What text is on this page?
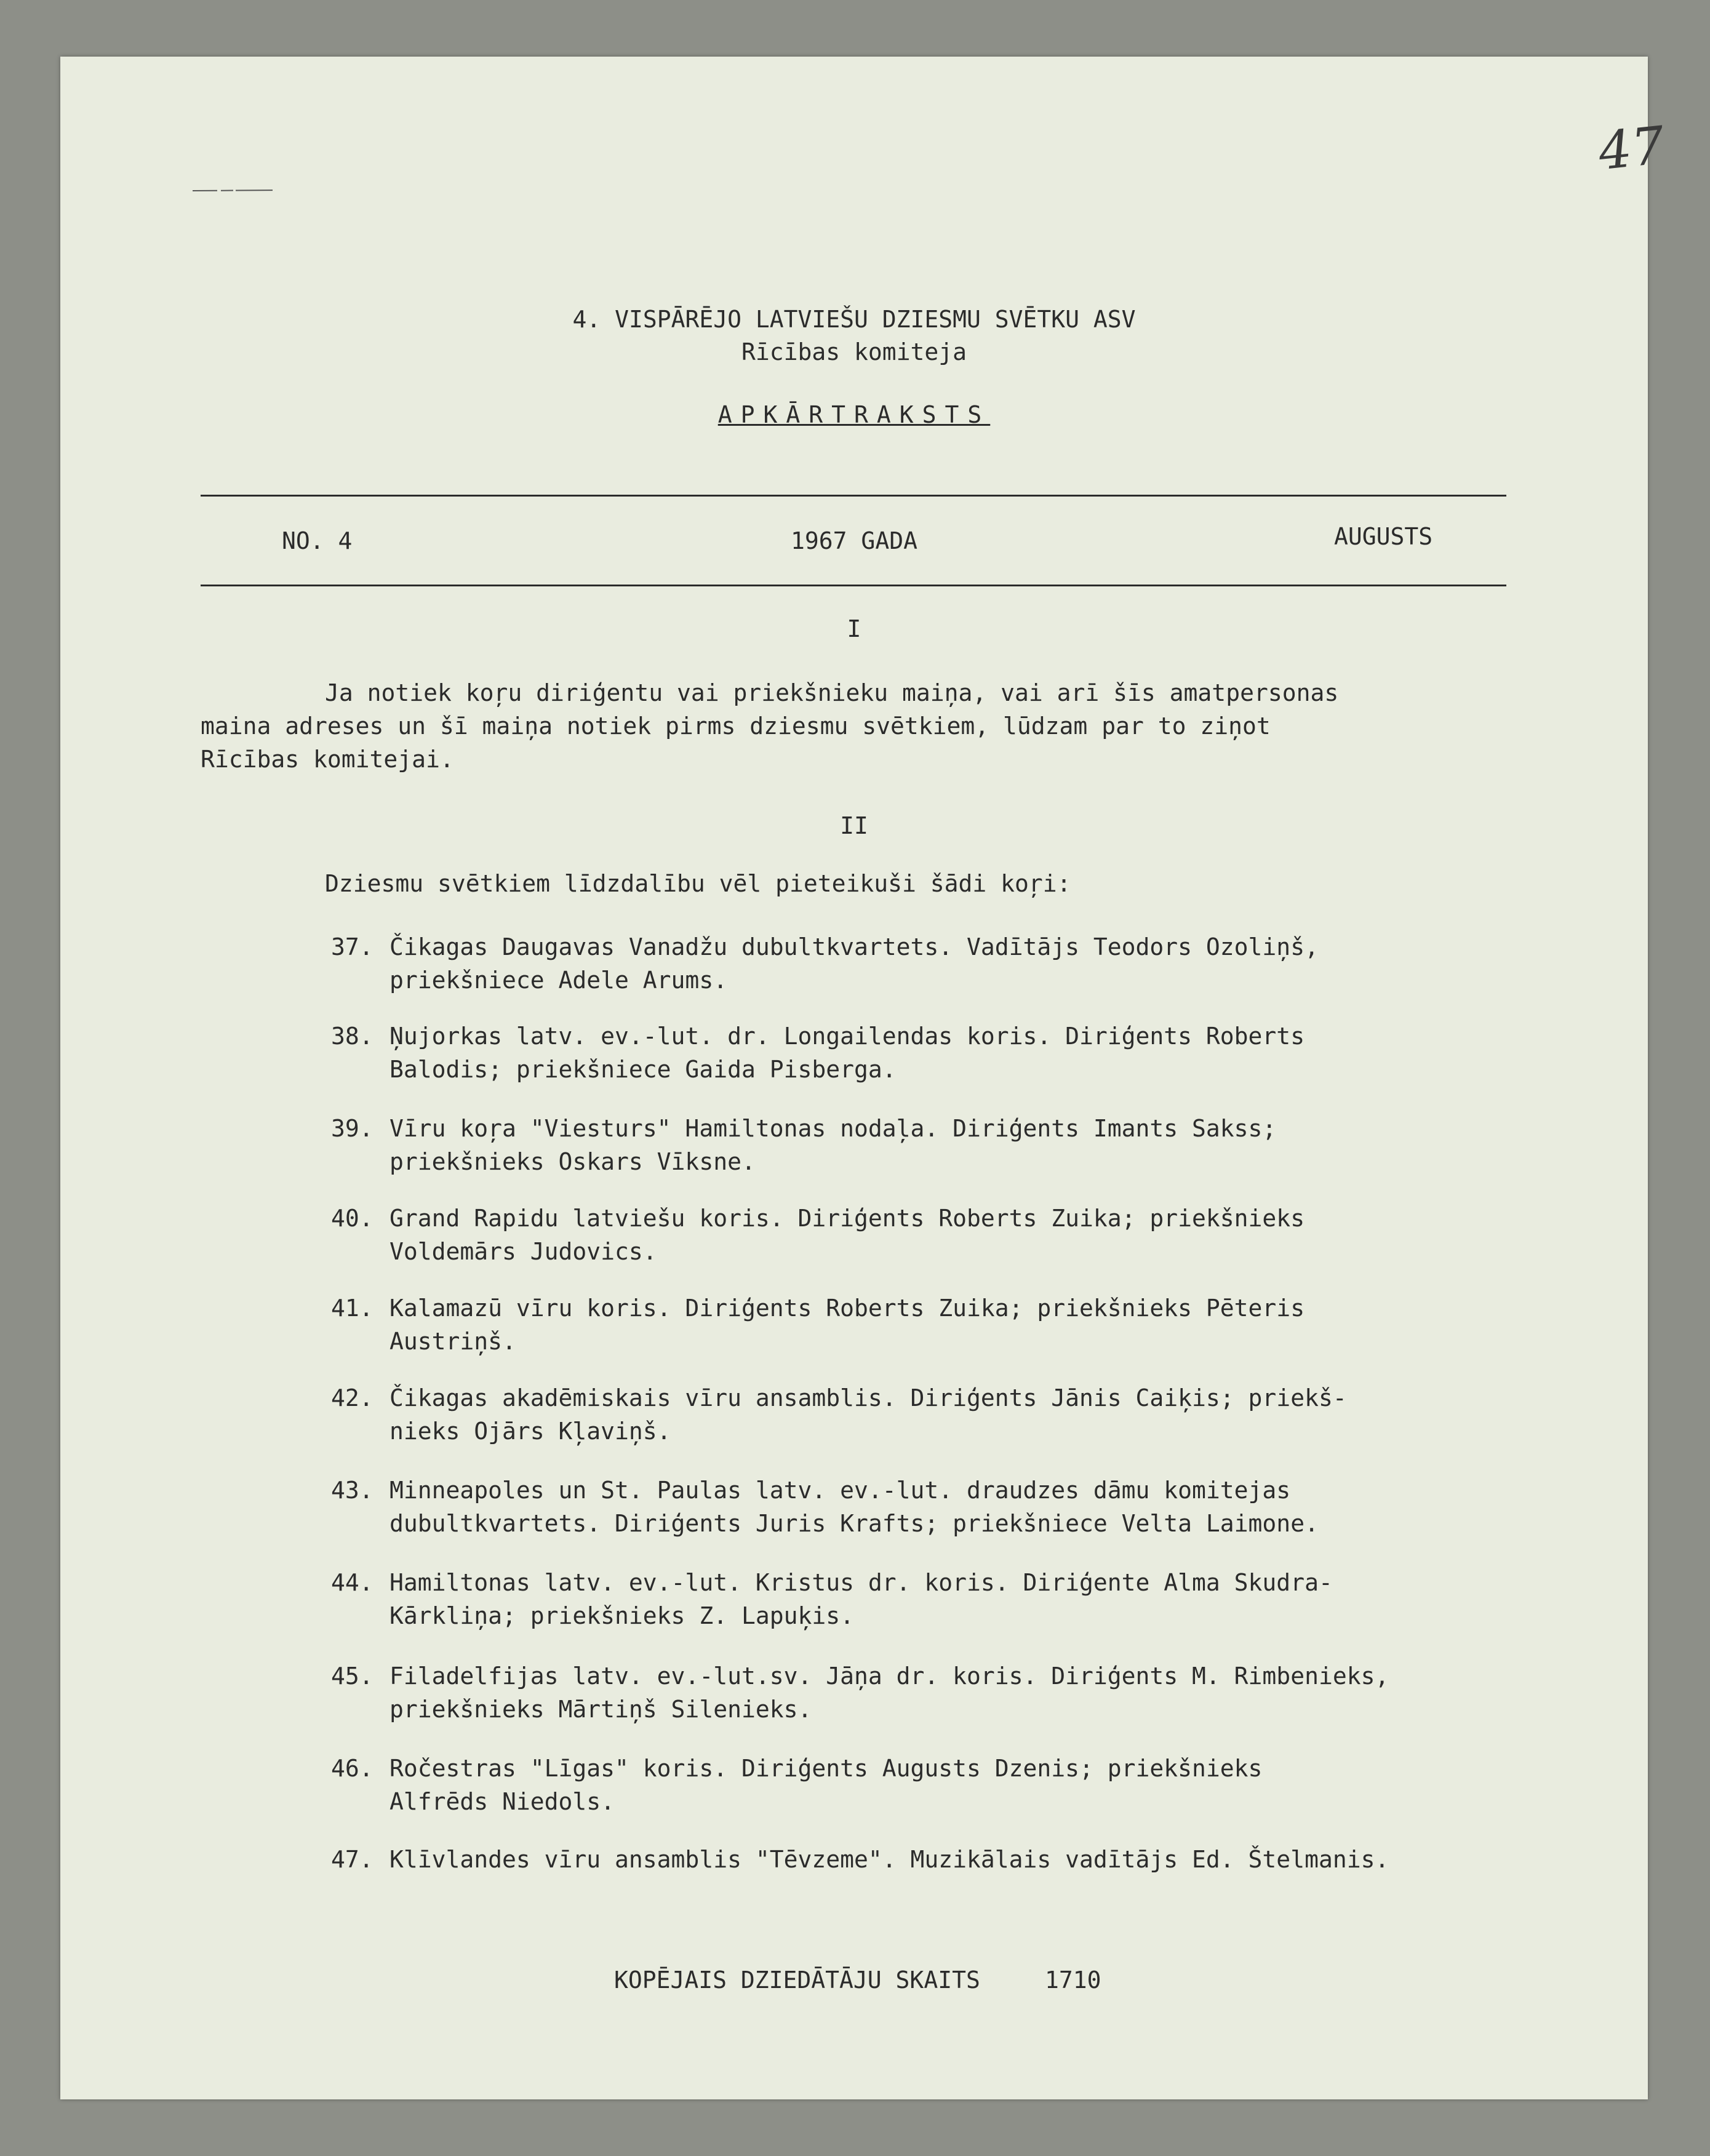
47
4. VISPĀRĒJO LATVIEŠU DZIESMU SVĒTKU ASV
Rīcības komiteja
APKĀRTRAKSTS
NO. 4	1967 GADA	AUGUSTS
I
Ja notiek koŗu diriģentu vai priekšnieku maiņa, vai arī šīs amatpersonas
maina adreses un šī maiņa notiek pirms dziesmu svētkiem, lūdzam par to ziņot
Rīcības komitejai.
II
Dziesmu svētkiem līdzdalību vēl pieteikuši šādi koŗi:
37. Čikagas Daugavas Vanadžu dubultkvartets. Vadītājs Teodors Ozoliņš,
priekšniece Adele Arums.
38. Ņujorkas latv. ev.-lut. dr. Longailendas koris. Diriģents Roberts
Balodis; priekšniece Gaida Pisberga.
39. Vīru koŗa "Viesturs" Hamiltonas nodaļa. Diriģents Imants Sakss;
priekšnieks Oskars Vīksne.
40. Grand Rapidu latviešu koris. Diriģents Roberts Zuika; priekšnieks
Voldemārs Judovics.
41. Kalamazū vīru koris. Diriģents Roberts Zuika; priekšnieks Pēteris
Austriņš.
42. Čikagas akadēmiskais vīru ansamblis. Diriģents Jānis Caiķis; priekš-
nieks Ojārs Kļaviņš.
43. Minneapoles un St. Paulas latv. ev.-lut. draudzes dāmu komitejas
dubultkvartets. Diriģents Juris Krafts; priekšniece Velta Laimone.
44. Hamiltonas latv. ev.-lut. Kristus dr. koris. Diriģente Alma Skudra-
Kārkliņa; priekšnieks Z. Lapuķis.
45. Filadelfijas latv. ev.-lut.sv. Jāņa dr. koris. Diriģents M. Rimbenieks,
priekšnieks Mārtiņš Silenieks.
46. Ročestras "Līgas" koris. Diriģents Augusts Dzenis; priekšnieks
Alfrēds Niedols.
47. Klīvlandes vīru ansamblis "Tēvzeme". Muzikālais vadītājs Ed. Štelmanis.
KOPĒJAIS DZIEDĀTĀJU SKAITS	1710
